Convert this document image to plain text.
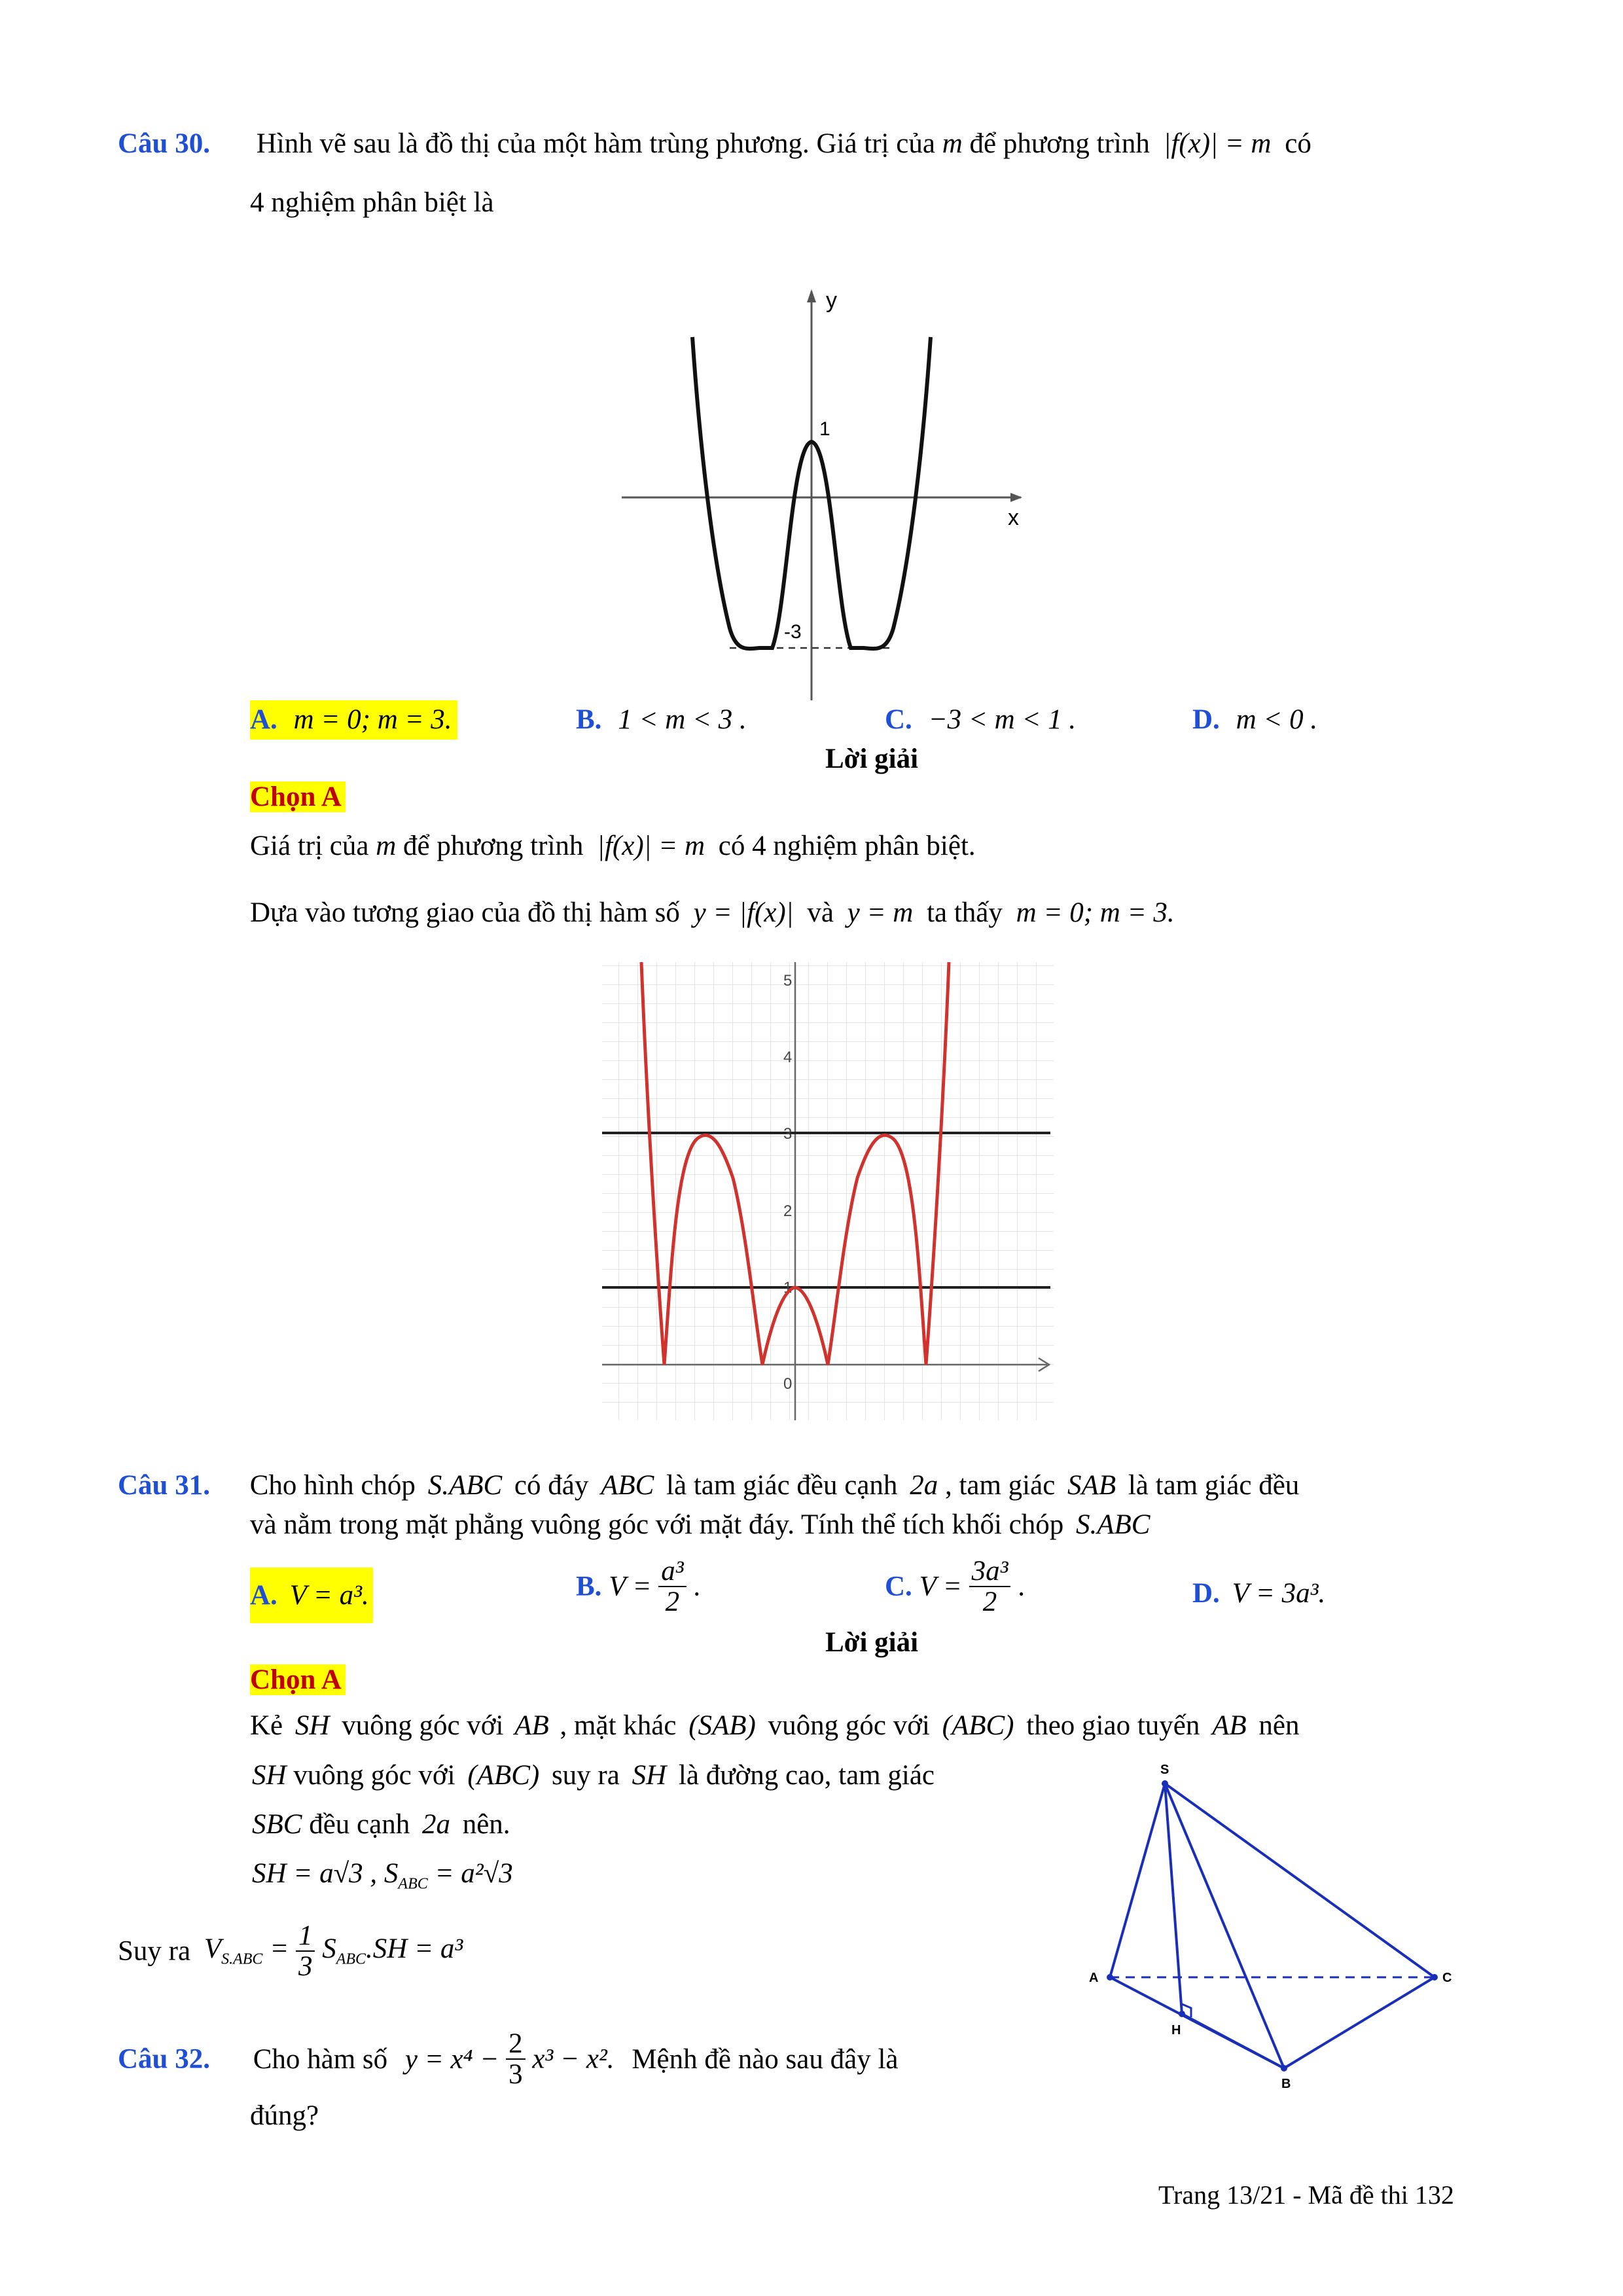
Câu 30. Hình vẽ sau là đồ thị của một hàm trùng phương. Giá trị của m để phương trình |f(x)| = m có
4 nghiệm phân biệt là
y
x
1
-3
A. m = 0; m = 3.	B. 1 < m < 3 .	C. −3 < m < 1 .	D. m < 0 .
Lời giải
Chọn A
Giá trị của m để phương trình |f(x)| = m có 4 nghiệm phân biệt.
Dựa vào tương giao của đồ thị hàm số y = |f(x)| và y = m ta thấy m = 0; m = 3.
5
4
3
2
1
0
Câu 31. Cho hình chóp S.ABC có đáy ABC là tam giác đều cạnh 2a , tam giác SAB là tam giác đều
và nằm trong mặt phẳng vuông góc với mặt đáy. Tính thể tích khối chóp S.ABC
A. V = a³.	B. $V = \frac{\text{a³}}{2}$ .	C. $V = \frac{\text{3a³}}{2}$ .	D. V = 3a³.
Lời giải
Chọn A
Kẻ SH vuông góc với AB , mặt khác (SAB) vuông góc với (ABC) theo giao tuyến AB nên
SH vuông góc với (ABC) suy ra SH là đường cao, tam giác
SBC đều cạnh 2a nên.
SH = a√3 , $S_{ABC} = a^2√3$
Suy ra $V_{S.ABC} = \frac{1}{3} S_{ABC}.SH = a^3$
S
A
B
C
H
Câu 32. Cho hàm số $y = x^4 - \frac{2}{3} x^3 - x^2$. Mệnh đề nào sau đây là
đúng?
Trang 13/21 - Mã đề thi 132
